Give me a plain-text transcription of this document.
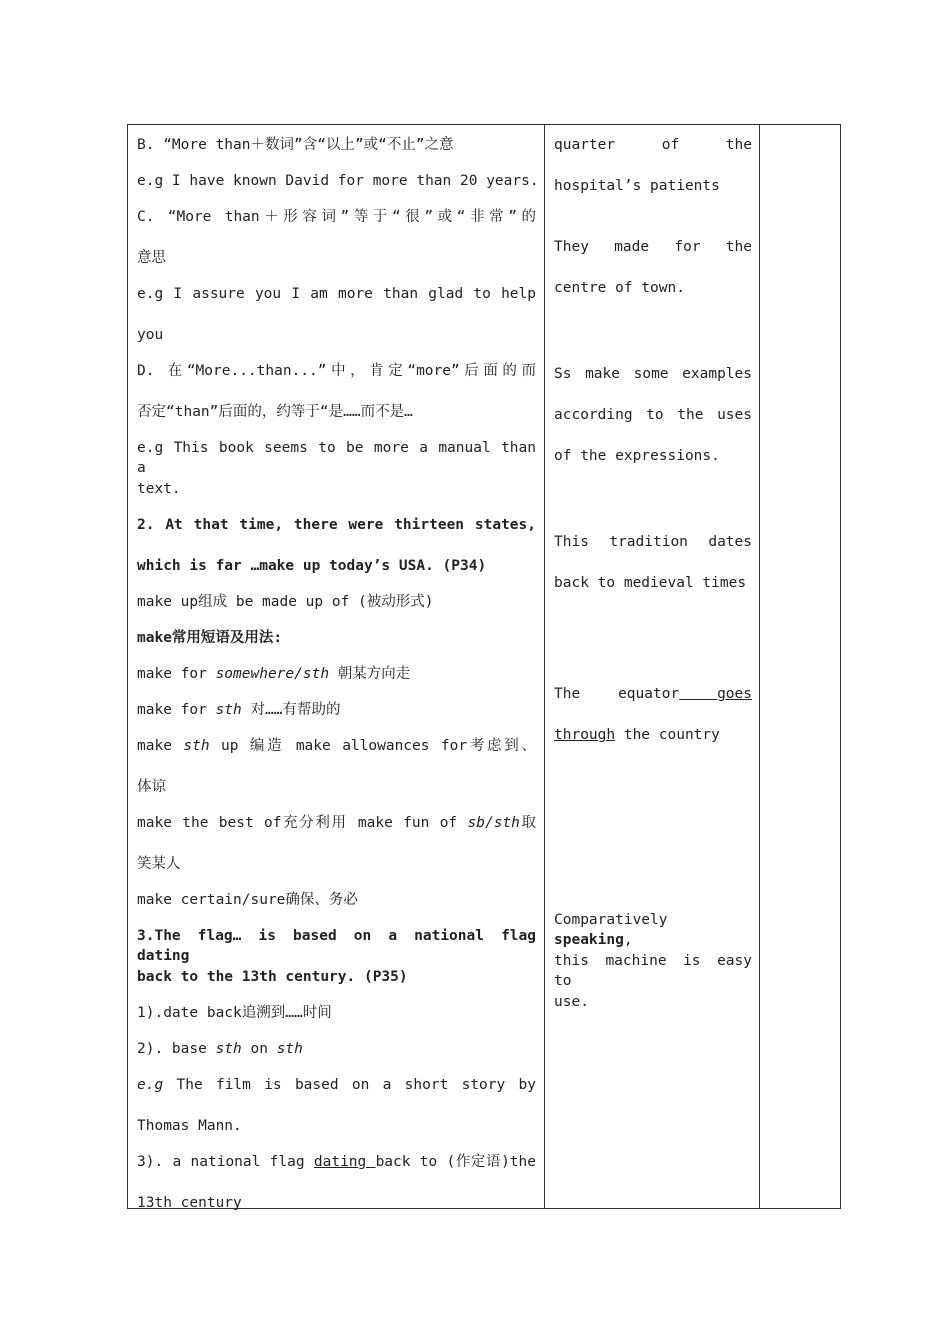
B. “More than＋数词”含“以上”或“不止”之意
e.g I have known David for more than 20 years.
C. “More than＋形容词”等于“很”或“非常”的
意思
e.g I assure you I am more than glad to help
you
D. 在“More...than...”中，肯定“more”后面的而
否定“than”后面的，约等于“是……而不是…
e.g This book seems to be more a manual than a
text.
2. At that time, there were thirteen states,
which is far …make up today’s USA. (P34)
make up组成 be made up of (被动形式)
make常用短语及用法:
make for somewhere/sth 朝某方向走
make for sth 对……有帮助的
make sth up 编造 make allowances for考虑到、
体谅
make the best of充分利用 make fun of sb/sth取
笑某人
make certain/sure确保、务必
3.The flag… is based on a national flag dating
back to the 13th century. (P35)
1).date back追溯到……时间
2). base sth on sth
e.g The film is based on a short story by
Thomas Mann.
3). a national flag dating back to (作定语)the
13th century
quarter of the
hospital’s patients
They made for the
centre of town.
Ss make some examples
according to the uses
of the expressions.
This tradition dates
back to medieval times
The equator goes
through the country
Comparatively speaking,
this machine is easy to
use.
